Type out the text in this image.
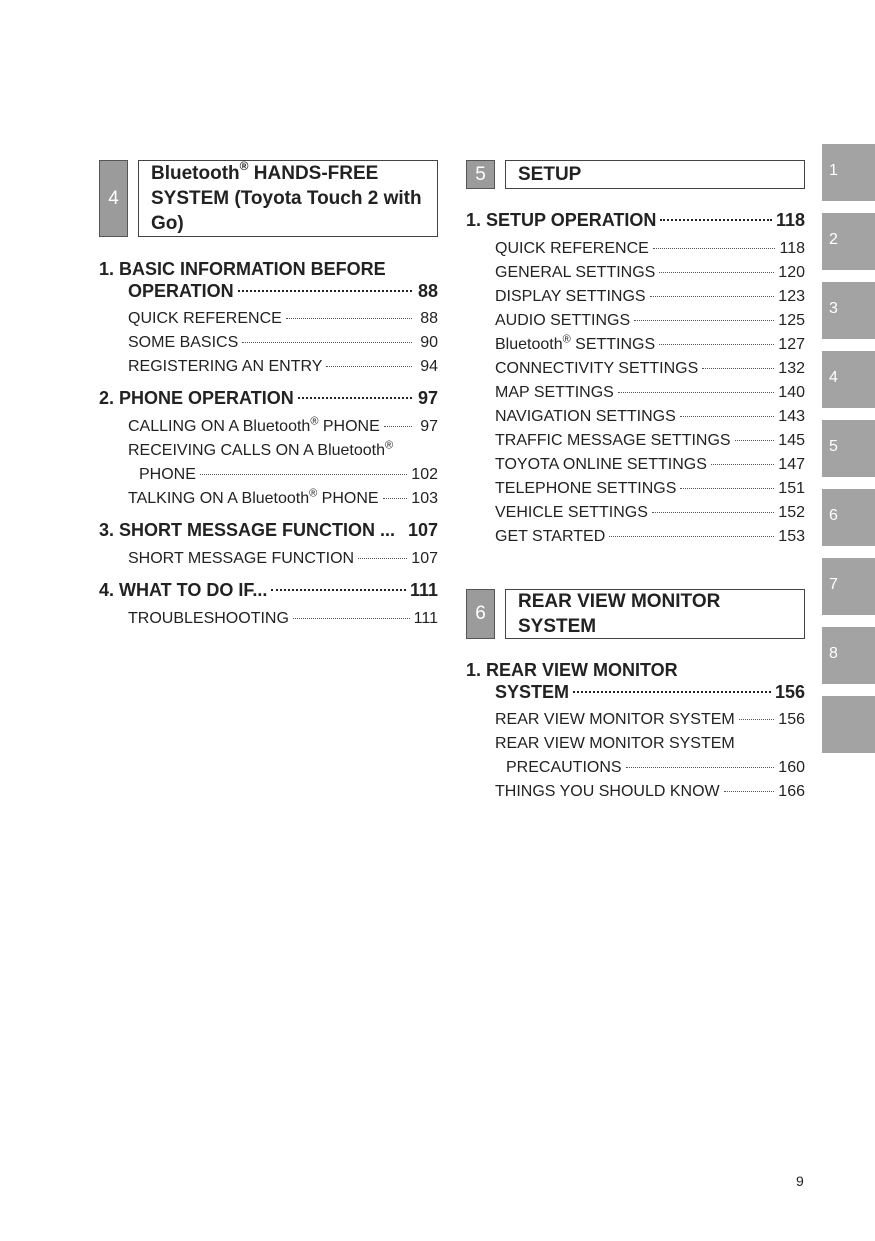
4
Bluetooth® HANDS-FREE SYSTEM (Toyota Touch 2 with Go)
1. BASIC INFORMATION BEFORE
OPERATION	88
QUICK REFERENCE	88
SOME BASICS	90
REGISTERING AN ENTRY	94
2. PHONE OPERATION	97
CALLING ON A Bluetooth® PHONE	97
RECEIVING CALLS ON A Bluetooth®
PHONE	102
TALKING ON A Bluetooth® PHONE 103
3. SHORT MESSAGE FUNCTION ... 107
SHORT MESSAGE FUNCTION	107
4. WHAT TO DO IF...	111
TROUBLESHOOTING	111
5	SETUP
1. SETUP OPERATION	118
QUICK REFERENCE	118
GENERAL SETTINGS	120
DISPLAY SETTINGS	123
AUDIO SETTINGS	125
Bluetooth® SETTINGS	127
CONNECTIVITY SETTINGS	132
MAP SETTINGS	140
NAVIGATION SETTINGS	143
TRAFFIC MESSAGE SETTINGS	145
TOYOTA ONLINE SETTINGS	147
TELEPHONE SETTINGS	151
VEHICLE SETTINGS	152
GET STARTED	153
6
REAR VIEW MONITOR SYSTEM
1. REAR VIEW MONITOR
SYSTEM	156
REAR VIEW MONITOR SYSTEM	156
REAR VIEW MONITOR SYSTEM
PRECAUTIONS	160
THINGS YOU SHOULD KNOW	166
1
2
3
4
5
6
7
8
9
